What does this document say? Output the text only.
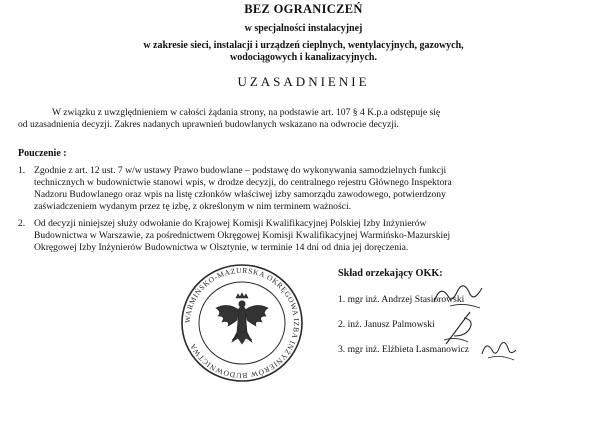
BEZ OGRANICZEŃ
w specjalności instalacyjnej
w zakresie sieci, instalacji i urządzeń cieplnych, wentylacyjnych, gazowych,
wodociągowych i kanalizacyjnych.
UZASADNIENIE
W związku z uwzględnieniem w całości żądania strony, na podstawie art. 107 § 4 K.p.a odstępuje się
od uzasadnienia decyzji. Zakres nadanych uprawnień budowlanych wskazano na odwrocie decyzji.
Pouczenie :
1. Zgodnie z art. 12 ust. 7 w/w ustawy Prawo budowlane – podstawę do wykonywania samodzielnych funkcji
technicznych w budownictwie stanowi wpis, w drodze decyzji, do centralnego rejestru Głównego Inspektora
Nadzoru Budowlanego oraz wpis na listę członków właściwej izby samorządu zawodowego, potwierdzony
zaświadczeniem wydanym przez tę izbę, z określonym w nim terminem ważności.
2. Od decyzji niniejszej służy odwołanie do Krajowej Komisji Kwalifikacyjnej Polskiej Izby Inżynierów
Budownictwa w Warszawie, za pośrednictwem Okręgowej Komisji Kwalifikacyjnej Warmińsko-Mazurskiej
Okręgowej Izby Inżynierów Budownictwa w Olsztynie, w terminie 14 dni od dnia jej doręczenia.
Skład orzekający OKK:
1. mgr inż. Andrzej Stasiorowski
2. inż. Janusz Palmowski
3. mgr inż. Elżbieta Lasmanowicz
WARMIŃSKO-MAZURSKA OKRĘGOWA IZBA INŻYNIERÓW BUDOWNICTWA
